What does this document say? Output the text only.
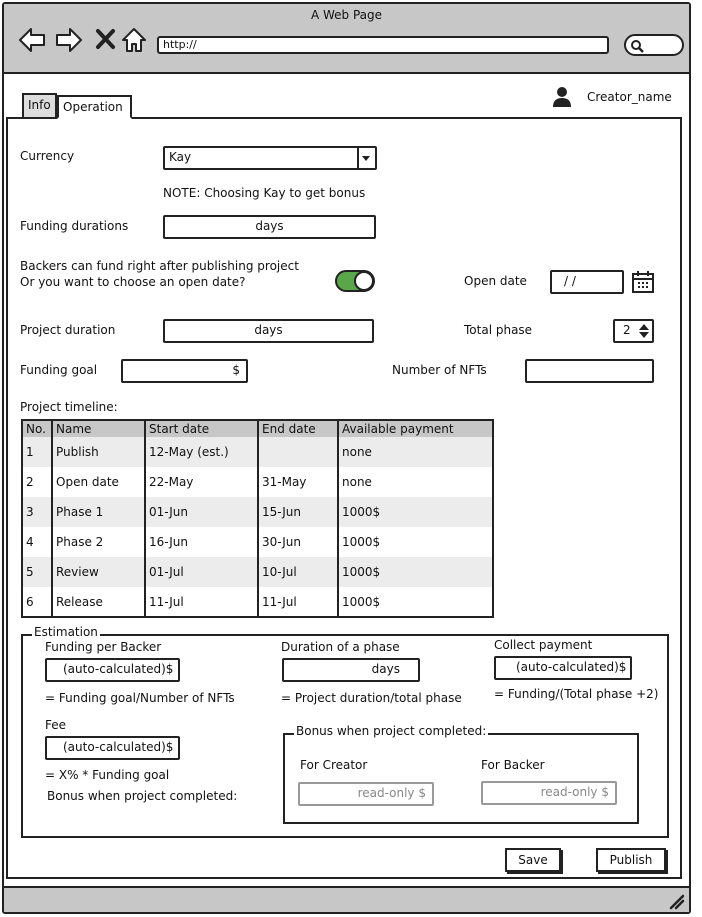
A Web Page
http://
Info	Operation
Creator_name
Currency	Kay
NOTE: Choosing Kay to get bonus
Funding durations	days
Backers can fund right after publishing project
Or you want to choose an open date?	Open date	/ /
Project duration	days	Total phase	2
Funding goal	$	Number of NFTs
Project timeline:
No.	Name	Start date	End date	Available payment
1	Publish	12-May (est.)		none
2	Open date	22-May	31-May	none
3	Phase 1	01-Jun	15-Jun	1000$
4	Phase 2	16-Jun	30-Jun	1000$
5	Review	01-Jul	10-Jul	1000$
6	Release	11-Jul	11-Jul	1000$
Estimation
Funding per Backer
(auto-calculated)$
= Funding goal/Number of NFTs
Duration of a phase
days
= Project duration/total phase
Collect payment
(auto-calculated)$
= Funding/(Total phase +2)
Fee
(auto-calculated)$
= X% * Funding goal
Bonus when project completed:
Bonus when project completed:
For Creator
read-only $
For Backer
read-only $
Save	Publish
